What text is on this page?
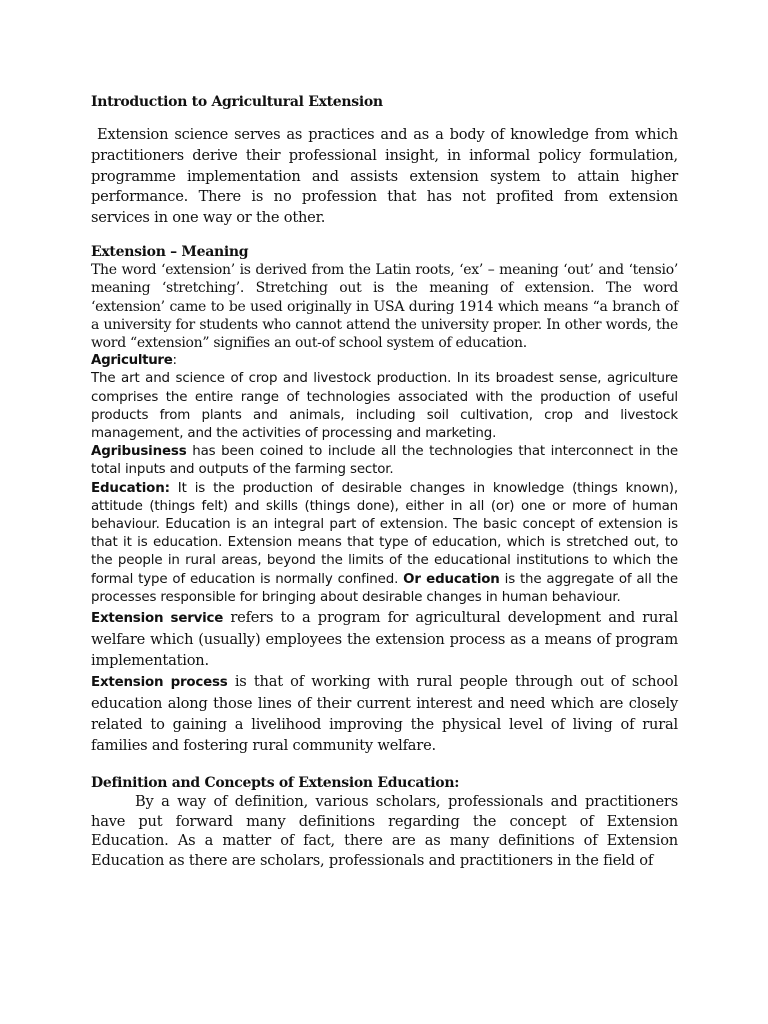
Introduction to Agricultural Extension

Extension science serves as practices and as a body of knowledge from which practitioners derive their professional insight, in informal policy formulation, programme implementation and assists extension system to attain higher performance. There is no profession that has not profited from extension services in one way or the other.

Extension – Meaning

The word ‘extension’ is derived from the Latin roots, ‘ex’ – meaning ‘out’ and ‘tensio’ meaning ‘stretching’. Stretching out is the meaning of extension. The word ‘extension’ came to be used originally in USA during 1914 which means “a branch of a university for students who cannot attend the university proper. In other words, the word “extension” signifies an out-of school system of education.

Agriculture:

The art and science of crop and livestock production. In its broadest sense, agriculture comprises the entire range of technologies associated with the production of useful products from plants and animals, including soil cultivation, crop and livestock management, and the activities of processing and marketing.

Agribusiness has been coined to include all the technologies that interconnect in the total inputs and outputs of the farming sector.

Education: It is the production of desirable changes in knowledge (things known), attitude (things felt) and skills (things done), either in all (or) one or more of human behaviour. Education is an integral part of extension. The basic concept of extension is that it is education. Extension means that type of education, which is stretched out, to the people in rural areas, beyond the limits of the educational institutions to which the formal type of education is normally confined. Or education is the aggregate of all the processes responsible for bringing about desirable changes in human behaviour.

Extension service refers to a program for agricultural development and rural welfare which (usually) employees the extension process as a means of program implementation.

Extension process is that of working with rural people through out of school education along those lines of their current interest and need which are closely related to gaining a livelihood improving the physical level of living of rural families and fostering rural community welfare.

Definition and Concepts of Extension Education:

By a way of definition, various scholars, professionals and practitioners have put forward many definitions regarding the concept of Extension Education. As a matter of fact, there are as many definitions of Extension Education as there are scholars, professionals and practitioners in the field of
